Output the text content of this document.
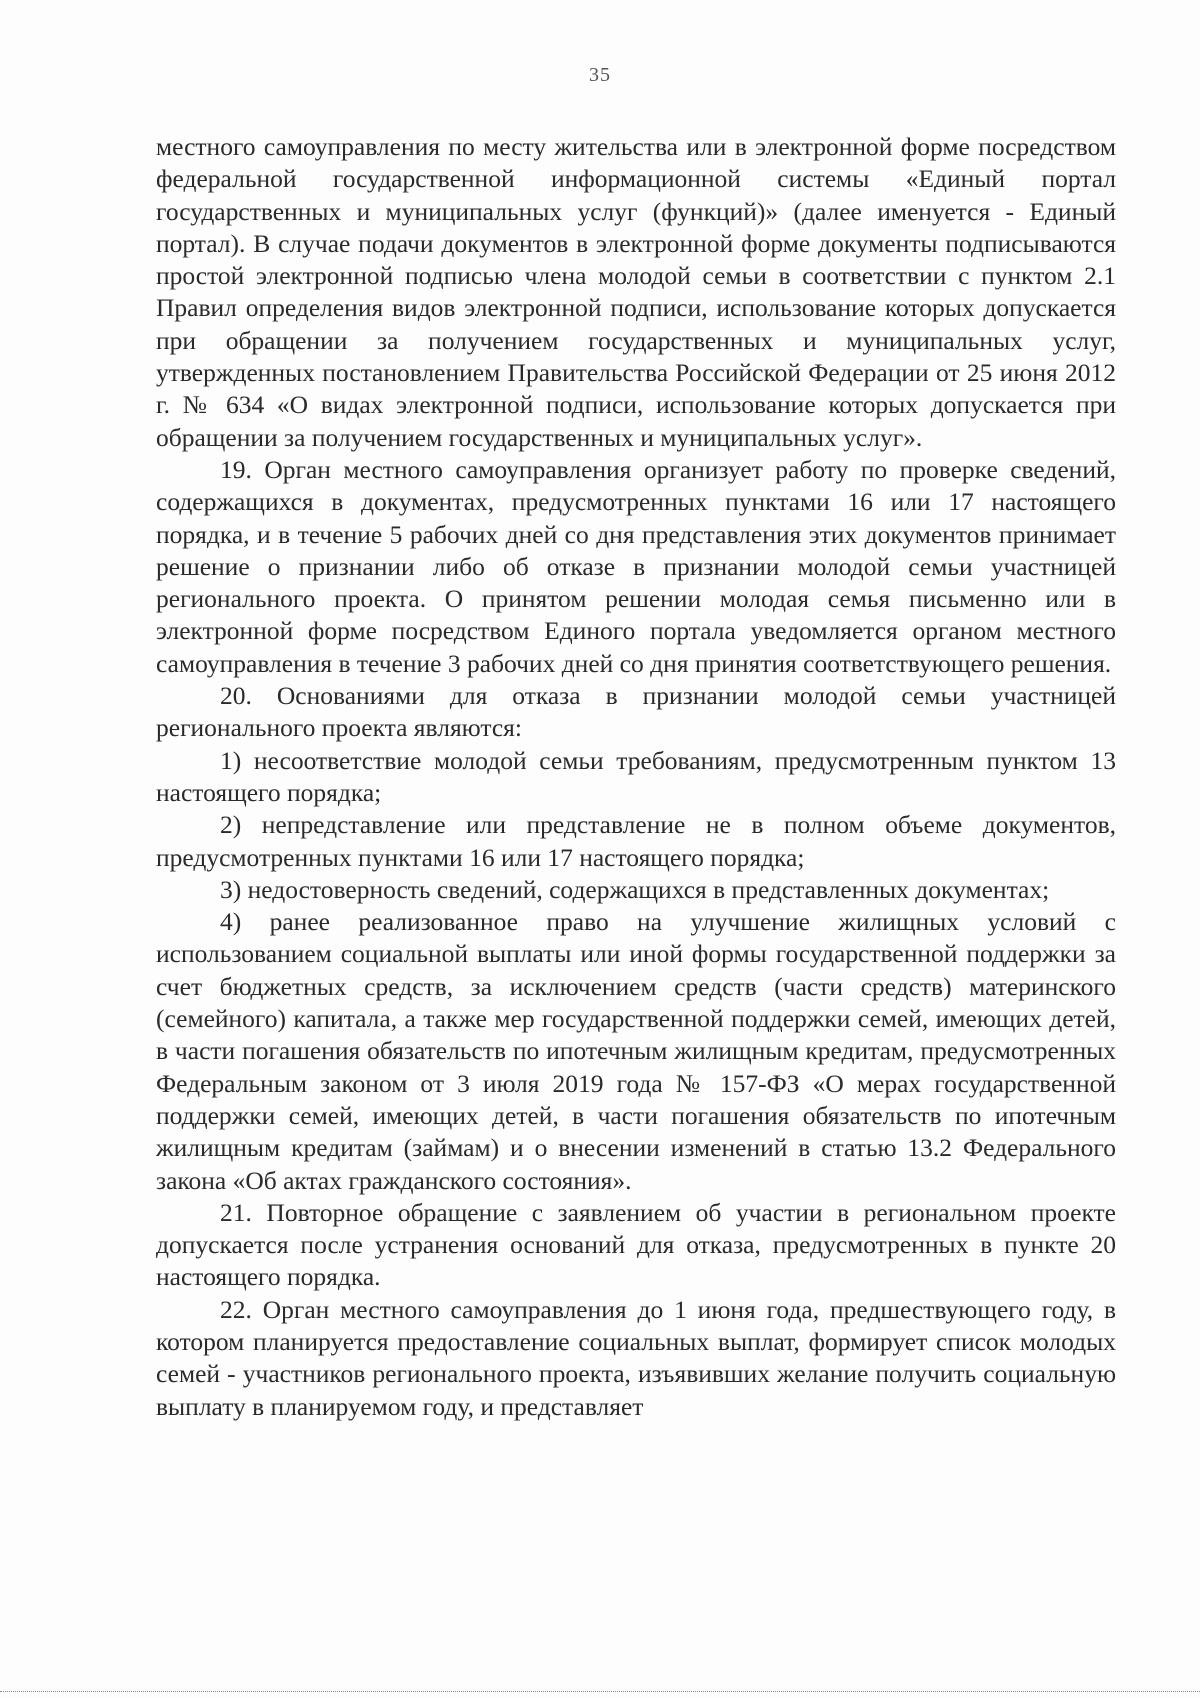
35

местного самоуправления по месту жительства или в электронной форме посредством федеральной государственной информационной системы «Единый портал государственных и муниципальных услуг (функций)» (далее именуется - Единый портал). В случае подачи документов в электронной форме документы подписываются простой электронной подписью члена молодой семьи в соответствии с пунктом 2.1 Правил определения видов электронной подписи, использование которых допускается при обращении за получением государственных и муниципальных услуг, утвержденных постановлением Правительства Российской Федерации от 25 июня 2012 г. № 634 «О видах электронной подписи, использование которых допускается при обращении за получением государственных и муниципальных услуг».

19. Орган местного самоуправления организует работу по проверке сведений, содержащихся в документах, предусмотренных пунктами 16 или 17 настоящего порядка, и в течение 5 рабочих дней со дня представления этих документов принимает решение о признании либо об отказе в признании молодой семьи участницей регионального проекта. О принятом решении молодая семья письменно или в электронной форме посредством Единого портала уведомляется органом местного самоуправления в течение 3 рабочих дней со дня принятия соответствующего решения.

20. Основаниями для отказа в признании молодой семьи участницей регионального проекта являются:

1) несоответствие молодой семьи требованиям, предусмотренным пунктом 13 настоящего порядка;

2) непредставление или представление не в полном объеме документов, предусмотренных пунктами 16 или 17 настоящего порядка;

3) недостоверность сведений, содержащихся в представленных документах;

4) ранее реализованное право на улучшение жилищных условий с использованием социальной выплаты или иной формы государственной поддержки за счет бюджетных средств, за исключением средств (части средств) материнского (семейного) капитала, а также мер государственной поддержки семей, имеющих детей, в части погашения обязательств по ипотечным жилищным кредитам, предусмотренных Федеральным законом от 3 июля 2019 года № 157-ФЗ «О мерах государственной поддержки семей, имеющих детей, в части погашения обязательств по ипотечным жилищным кредитам (займам) и о внесении изменений в статью 13.2 Федерального закона «Об актах гражданского состояния».

21. Повторное обращение с заявлением об участии в региональном проекте допускается после устранения оснований для отказа, предусмотренных в пункте 20 настоящего порядка.

22. Орган местного самоуправления до 1 июня года, предшествующего году, в котором планируется предоставление социальных выплат, формирует список молодых семей - участников регионального проекта, изъявивших желание получить социальную выплату в планируемом году, и представляет
